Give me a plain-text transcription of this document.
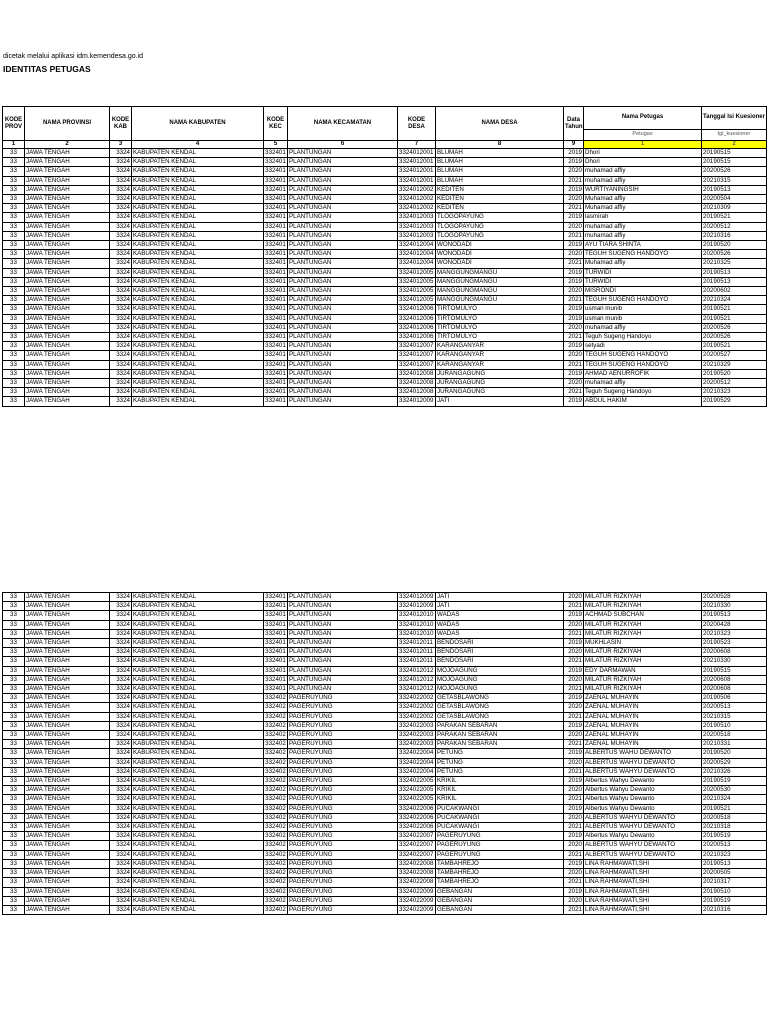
dicetak melalui aplikasi idm.kemendesa.go.id
IDENTITAS PETUGAS
KODE PROV	NAMA PROVINSI	KODE KAB	NAMA KABUPATEN	KODE KEC	NAMA KECAMATAN	KODE DESA	NAMA DESA	Data Tahun	Nama Petugas	Tanggal Isi Kuesioner
									Petugas	tgl_kuesioner
1	2	3	4	5	6	7	8	9	1	2
33	JAWA TENGAH	3324	KABUPATEN KENDAL	332401	PLANTUNGAN	3324012001	BLUMAH	2019	Dhori	20190515
33	JAWA TENGAH	3324	KABUPATEN KENDAL	332401	PLANTUNGAN	3324012001	BLUMAH	2019	Dhori	20190515
33	JAWA TENGAH	3324	KABUPATEN KENDAL	332401	PLANTUNGAN	3324012001	BLUMAH	2020	muhamad affiy	20200526
33	JAWA TENGAH	3324	KABUPATEN KENDAL	332401	PLANTUNGAN	3324012001	BLUMAH	2021	muhamad affiy	20210315
33	JAWA TENGAH	3324	KABUPATEN KENDAL	332401	PLANTUNGAN	3324012002	KEDITEN	2019	WURTIYANINGSIH	20190513
33	JAWA TENGAH	3324	KABUPATEN KENDAL	332401	PLANTUNGAN	3324012002	KEDITEN	2020	Muhamad affiy	20200504
33	JAWA TENGAH	3324	KABUPATEN KENDAL	332401	PLANTUNGAN	3324012002	KEDITEN	2021	Muhamad affiy	20210309
33	JAWA TENGAH	3324	KABUPATEN KENDAL	332401	PLANTUNGAN	3324012003	TLOGOPAYUNG	2019	lasmirah	20190521
33	JAWA TENGAH	3324	KABUPATEN KENDAL	332401	PLANTUNGAN	3324012003	TLOGOPAYUNG	2020	muhamad affiy	20200512
33	JAWA TENGAH	3324	KABUPATEN KENDAL	332401	PLANTUNGAN	3324012003	TLOGOPAYUNG	2021	muhamad affiy	20210316
33	JAWA TENGAH	3324	KABUPATEN KENDAL	332401	PLANTUNGAN	3324012004	WONODADI	2019	AYU TIARA SHINTA	20190520
33	JAWA TENGAH	3324	KABUPATEN KENDAL	332401	PLANTUNGAN	3324012004	WONODADI	2020	TEGUH SUGENG HANDOYO	20200526
33	JAWA TENGAH	3324	KABUPATEN KENDAL	332401	PLANTUNGAN	3324012004	WONODADI	2021	Muhamad affiy	20210325
33	JAWA TENGAH	3324	KABUPATEN KENDAL	332401	PLANTUNGAN	3324012005	MANGGUNGMANGU	2019	TURWIDI	20190513
33	JAWA TENGAH	3324	KABUPATEN KENDAL	332401	PLANTUNGAN	3324012005	MANGGUNGMANGU	2019	TURWIDI	20190513
33	JAWA TENGAH	3324	KABUPATEN KENDAL	332401	PLANTUNGAN	3324012005	MANGGUNGMANGU	2020	MISRONDI	20200602
33	JAWA TENGAH	3324	KABUPATEN KENDAL	332401	PLANTUNGAN	3324012005	MANGGUNGMANGU	2021	TEGUH SUGENG HANDOYO	20210324
33	JAWA TENGAH	3324	KABUPATEN KENDAL	332401	PLANTUNGAN	3324012006	TIRTOMULYO	2019	usman munib	20190521
33	JAWA TENGAH	3324	KABUPATEN KENDAL	332401	PLANTUNGAN	3324012006	TIRTOMULYO	2019	usman munib	20190521
33	JAWA TENGAH	3324	KABUPATEN KENDAL	332401	PLANTUNGAN	3324012006	TIRTOMULYO	2020	muhamad affiy	20200526
33	JAWA TENGAH	3324	KABUPATEN KENDAL	332401	PLANTUNGAN	3324012006	TIRTOMULYO	2021	Teguh Sugeng Handoyo	20200526
33	JAWA TENGAH	3324	KABUPATEN KENDAL	332401	PLANTUNGAN	3324012007	KARANGANYAR	2019	setyadi	20190521
33	JAWA TENGAH	3324	KABUPATEN KENDAL	332401	PLANTUNGAN	3324012007	KARANGANYAR	2020	TEGUH SUGENG HANDOYO	20200527
33	JAWA TENGAH	3324	KABUPATEN KENDAL	332401	PLANTUNGAN	3324012007	KARANGANYAR	2021	TEGUH SUGENG HANDOYO	20210329
33	JAWA TENGAH	3324	KABUPATEN KENDAL	332401	PLANTUNGAN	3324012008	JURANGAGUNG	2019	AHMAD AENURROFIK	20190520
33	JAWA TENGAH	3324	KABUPATEN KENDAL	332401	PLANTUNGAN	3324012008	JURANGAGUNG	2020	muhamad affiy	20200512
33	JAWA TENGAH	3324	KABUPATEN KENDAL	332401	PLANTUNGAN	3324012008	JURANGAGUNG	2021	Teguh Sugeng Handoyo	20210323
33	JAWA TENGAH	3324	KABUPATEN KENDAL	332401	PLANTUNGAN	3324012009	JATI	2019	ABDUL HAKIM	20190529
33	JAWA TENGAH	3324	KABUPATEN KENDAL	332401	PLANTUNGAN	3324012009	JATI	2020	MILATUR RIZKIYAH	20200528
33	JAWA TENGAH	3324	KABUPATEN KENDAL	332401	PLANTUNGAN	3324012009	JATI	2021	MILATUR RIZKIYAH	20210330
33	JAWA TENGAH	3324	KABUPATEN KENDAL	332401	PLANTUNGAN	3324012010	WADAS	2019	ACHMAD SUBCHAN	20190513
33	JAWA TENGAH	3324	KABUPATEN KENDAL	332401	PLANTUNGAN	3324012010	WADAS	2020	MILATUR RIZKIYAH	20200428
33	JAWA TENGAH	3324	KABUPATEN KENDAL	332401	PLANTUNGAN	3324012010	WADAS	2021	MILATUR RIZKIYAH	20210323
33	JAWA TENGAH	3324	KABUPATEN KENDAL	332401	PLANTUNGAN	3324012011	BENDOSARI	2019	MUKHLASIN	20190523
33	JAWA TENGAH	3324	KABUPATEN KENDAL	332401	PLANTUNGAN	3324012011	BENDOSARI	2020	MILATUR RIZKIYAH	20200608
33	JAWA TENGAH	3324	KABUPATEN KENDAL	332401	PLANTUNGAN	3324012011	BENDOSARI	2021	MILATUR RIZKIYAH	20210330
33	JAWA TENGAH	3324	KABUPATEN KENDAL	332401	PLANTUNGAN	3324012012	MOJOAGUNG	2019	EDY DARMAWAN	20190515
33	JAWA TENGAH	3324	KABUPATEN KENDAL	332401	PLANTUNGAN	3324012012	MOJOAGUNG	2020	MILATUR RIZKIYAH	20200608
33	JAWA TENGAH	3324	KABUPATEN KENDAL	332401	PLANTUNGAN	3324012012	MOJOAGUNG	2021	MILATUR RIZKIYAH	20200608
33	JAWA TENGAH	3324	KABUPATEN KENDAL	332402	PAGERUYUNG	3324022002	GETASBLAWONG	2019	ZAENAL MUHAYIN	20190506
33	JAWA TENGAH	3324	KABUPATEN KENDAL	332402	PAGERUYUNG	3324022002	GETASBLAWONG	2020	ZAENAL MUHAYIN	20200513
33	JAWA TENGAH	3324	KABUPATEN KENDAL	332402	PAGERUYUNG	3324022002	GETASBLAWONG	2021	ZAENAL MUHAYIN	20210315
33	JAWA TENGAH	3324	KABUPATEN KENDAL	332402	PAGERUYUNG	3324022003	PARAKAN SEBARAN	2019	ZAENAL MUHAYIN	20190510
33	JAWA TENGAH	3324	KABUPATEN KENDAL	332402	PAGERUYUNG	3324022003	PARAKAN SEBARAN	2020	ZAENAL MUHAYIN	20200518
33	JAWA TENGAH	3324	KABUPATEN KENDAL	332402	PAGERUYUNG	3324022003	PARAKAN SEBARAN	2021	ZAENAL MUHAYIN	20210331
33	JAWA TENGAH	3324	KABUPATEN KENDAL	332402	PAGERUYUNG	3324022004	PETUNG	2019	ALBERTUS WAHU DEWANTO	20190520
33	JAWA TENGAH	3324	KABUPATEN KENDAL	332402	PAGERUYUNG	3324022004	PETUNG	2020	ALBERTUS WAHYU DEWANTO	20200529
33	JAWA TENGAH	3324	KABUPATEN KENDAL	332402	PAGERUYUNG	3324022004	PETUNG	2021	ALBERTUS WAHYU DEWANTO	20210326
33	JAWA TENGAH	3324	KABUPATEN KENDAL	332402	PAGERUYUNG	3324022005	KRIKIL	2019	Albertus Wahyu Dewanto	20190519
33	JAWA TENGAH	3324	KABUPATEN KENDAL	332402	PAGERUYUNG	3324022005	KRIKIL	2020	Albertus Wahyu Dewanto	20200530
33	JAWA TENGAH	3324	KABUPATEN KENDAL	332402	PAGERUYUNG	3324022005	KRIKIL	2021	Albertus Wahyu Dewanto	20210324
33	JAWA TENGAH	3324	KABUPATEN KENDAL	332402	PAGERUYUNG	3324022006	PUCAKWANGI	2019	Albertus Wahyu Dewanto	20190521
33	JAWA TENGAH	3324	KABUPATEN KENDAL	332402	PAGERUYUNG	3324022006	PUCAKWANGI	2020	ALBERTUS WAHYU DEWANTO	20200518
33	JAWA TENGAH	3324	KABUPATEN KENDAL	332402	PAGERUYUNG	3324022006	PUCAKWANGI	2021	ALBERTUS WAHYU DEWANTO	20210318
33	JAWA TENGAH	3324	KABUPATEN KENDAL	332402	PAGERUYUNG	3324022007	PAGERUYUNG	2019	Albertus Wahyu Dewanto	20190519
33	JAWA TENGAH	3324	KABUPATEN KENDAL	332402	PAGERUYUNG	3324022007	PAGERUYUNG	2020	ALBERTUS WAHYU DEWANTO	20200513
33	JAWA TENGAH	3324	KABUPATEN KENDAL	332402	PAGERUYUNG	3324022007	PAGERUYUNG	2021	ALBERTUS WAHYU DEWANTO	20210323
33	JAWA TENGAH	3324	KABUPATEN KENDAL	332402	PAGERUYUNG	3324022008	TAMBAHREJO	2019	LINA RAHMAWATI,SHI	20190513
33	JAWA TENGAH	3324	KABUPATEN KENDAL	332402	PAGERUYUNG	3324022008	TAMBAHREJO	2020	LINA RAHMAWATI,SHI	20200505
33	JAWA TENGAH	3324	KABUPATEN KENDAL	332402	PAGERUYUNG	3324022008	TAMBAHREJO	2021	LINA RAHMAWATI,SHI	20210317
33	JAWA TENGAH	3324	KABUPATEN KENDAL	332402	PAGERUYUNG	3324022009	GEBANGAN	2019	LINA RAHMAWATI,SHI	20190510
33	JAWA TENGAH	3324	KABUPATEN KENDAL	332402	PAGERUYUNG	3324022009	GEBANGAN	2020	LINA RAHMAWATI,SHI	20190519
33	JAWA TENGAH	3324	KABUPATEN KENDAL	332402	PAGERUYUNG	3324022009	GEBANGAN	2021	LINA RAHMAWATI,SHI	20210316
